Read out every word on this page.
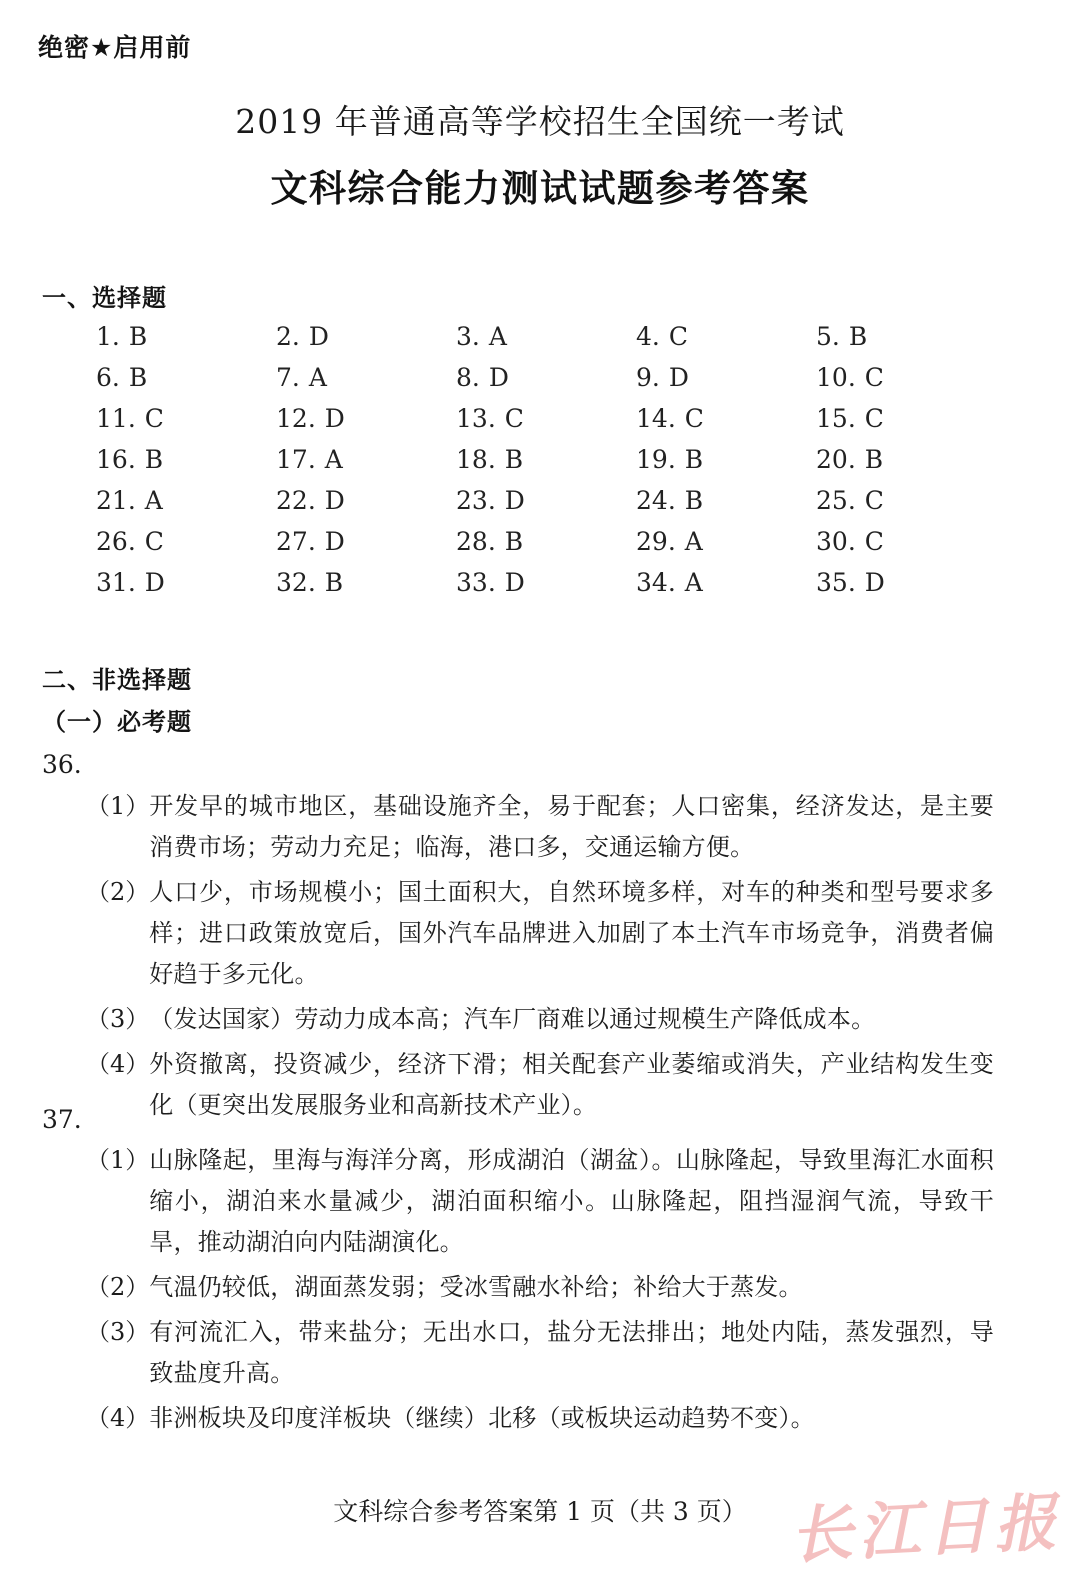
绝密★启用前
2019 年普通高等学校招生全国统一考试
文科综合能力测试试题参考答案
一、选择题
1. B	2. D	3. A	4. C	5. B
6. B	7. A	8. D	9. D	10. C
11. C	12. D	13. C	14. C	15. C
16. B	17. A	18. B	19. B	20. B
21. A	22. D	23. D	24. B	25. C
26. C	27. D	28. B	29. A	30. C
31. D	32. B	33. D	34. A	35. D
二、非选择题
（一）必考题
36.
（1） 开发早的城市地区，基础设施齐全，易于配套；人口密集，经济发达，是主要消费市场；劳动力充足；临海，港口多，交通运输方便。
（2） 人口少，市场规模小；国土面积大，自然环境多样，对车的种类和型号要求多样；进口政策放宽后，国外汽车品牌进入加剧了本土汽车市场竞争，消费者偏好趋于多元化。
（3） （发达国家）劳动力成本高；汽车厂商难以通过规模生产降低成本。
（4） 外资撤离，投资减少，经济下滑；相关配套产业萎缩或消失，产业结构发生变化（更突出发展服务业和高新技术产业）。
37.
（1） 山脉隆起，里海与海洋分离，形成湖泊（湖盆）。山脉隆起，导致里海汇水面积缩小，湖泊来水量减少，湖泊面积缩小。山脉隆起，阻挡湿润气流，导致干旱，推动湖泊向内陆湖演化。
（2） 气温仍较低，湖面蒸发弱；受冰雪融水补给；补给大于蒸发。
（3） 有河流汇入，带来盐分；无出水口，盐分无法排出；地处内陆，蒸发强烈，导致盐度升高。
（4） 非洲板块及印度洋板块（继续）北移（或板块运动趋势不变）。
文科综合参考答案第 1 页（共 3 页） 长江日报
